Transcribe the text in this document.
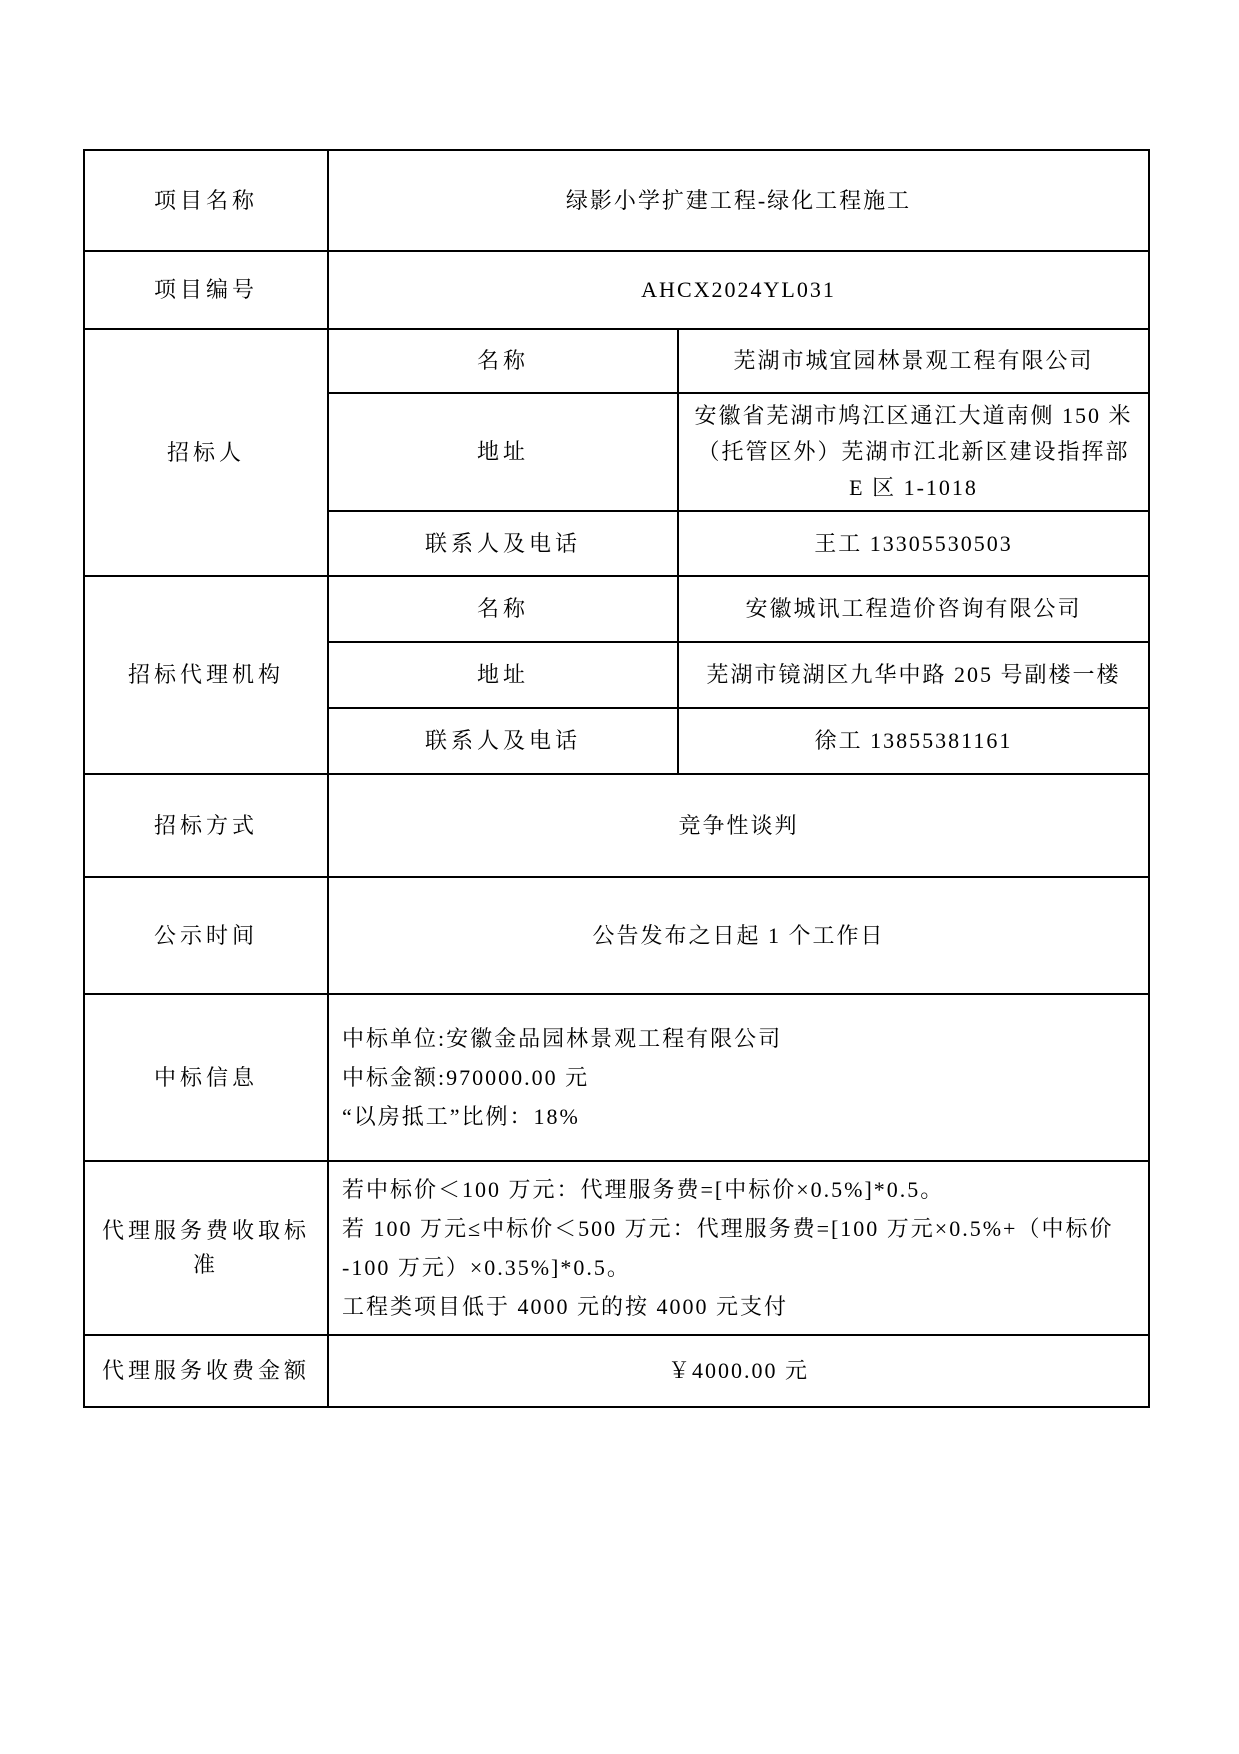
项目名称	绿影小学扩建工程-绿化工程施工	
项目编号	AHCX2024YL031	
招标人	名称	芜湖市城宜园林景观工程有限公司
	地址	安徽省芜湖市鸠江区通江大道南侧 150 米
（托管区外）芜湖市江北新区建设指挥部
E 区 1-1018

	联系人及电话	王工 13305530503
招标代理机构	名称	安徽城讯工程造价咨询有限公司
	地址	芜湖市镜湖区九华中路 205 号副楼一楼
	联系人及电话	徐工 13855381161
招标方式	竞争性谈判	
公示时间	公告发布之日起 1 个工作日	
中标信息	中标单位:安徽金品园林景观工程有限公司
中标金额:970000.00 元
“以房抵工”比例：18%	

代理服务费收取标准	若中标价＜100 万元：代理服务费=[中标价×0.5%]*0.5。
若 100 万元≤中标价＜500 万元：代理服务费=[100 万元×0.5%+（中标价
-100 万元）×0.35%]*0.5。
工程类项目低于 4000 元的按 4000 元支付	

代理服务收费金额	￥4000.00 元	
